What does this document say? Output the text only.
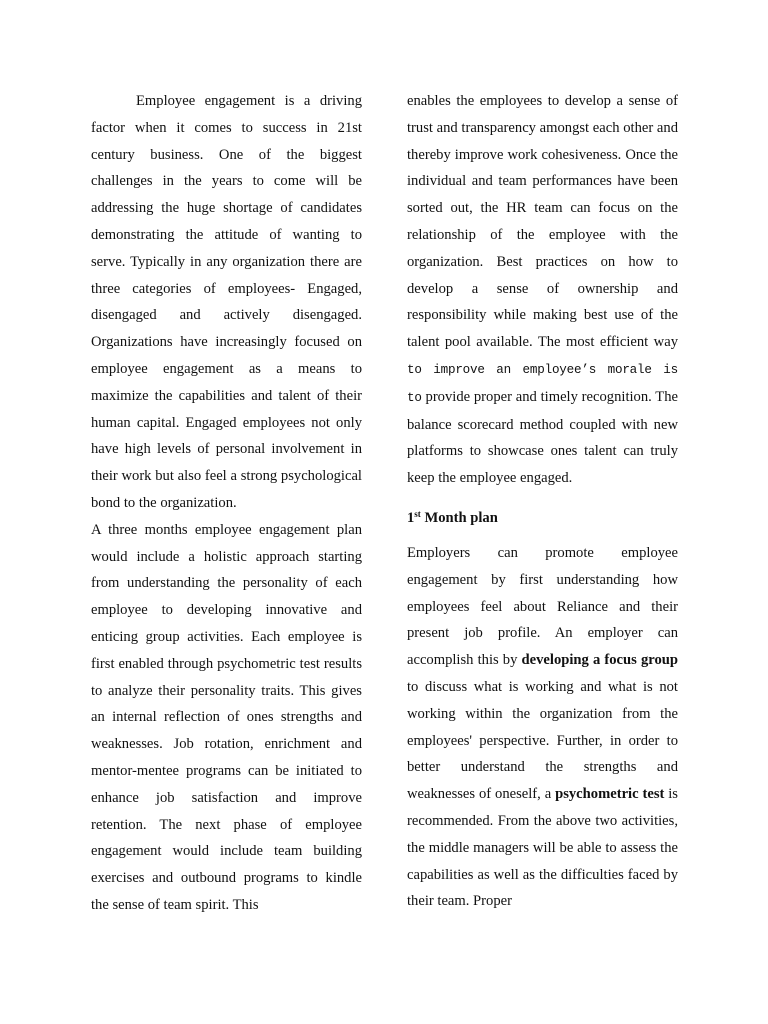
Employee engagement is a driving factor when it comes to success in 21st century business. One of the biggest challenges in the years to come will be addressing the huge shortage of candidates demonstrating the attitude of wanting to serve. Typically in any organization there are three categories of employees- Engaged, disengaged and actively disengaged. Organizations have increasingly focused on employee engagement as a means to maximize the capabilities and talent of their human capital. Engaged employees not only have high levels of personal involvement in their work but also feel a strong psychological bond to the organization.

A three months employee engagement plan would include a holistic approach starting from understanding the personality of each employee to developing innovative and enticing group activities. Each employee is first enabled through psychometric test results to analyze their personality traits. This gives an internal reflection of ones strengths and weaknesses. Job rotation, enrichment and mentor-mentee programs can be initiated to enhance job satisfaction and improve retention. The next phase of employee engagement would include team building exercises and outbound programs to kindle the sense of team spirit. This

enables the employees to develop a sense of trust and transparency amongst each other and thereby improve work cohesiveness. Once the individual and team performances have been sorted out, the HR team can focus on the relationship of the employee with the organization. Best practices on how to develop a sense of ownership and responsibility while making best use of the talent pool available. The most efficient way to improve an employee’s morale is to provide proper and timely recognition. The balance scorecard method coupled with new platforms to showcase ones talent can truly keep the employee engaged.

1st Month plan

Employers can promote employee engagement by first understanding how employees feel about Reliance and their present job profile. An employer can accomplish this by developing a focus group to discuss what is working and what is not working within the organization from the employees' perspective. Further, in order to better understand the strengths and weaknesses of oneself, a psychometric test is recommended. From the above two activities, the middle managers will be able to assess the capabilities as well as the difficulties faced by their team. Proper
